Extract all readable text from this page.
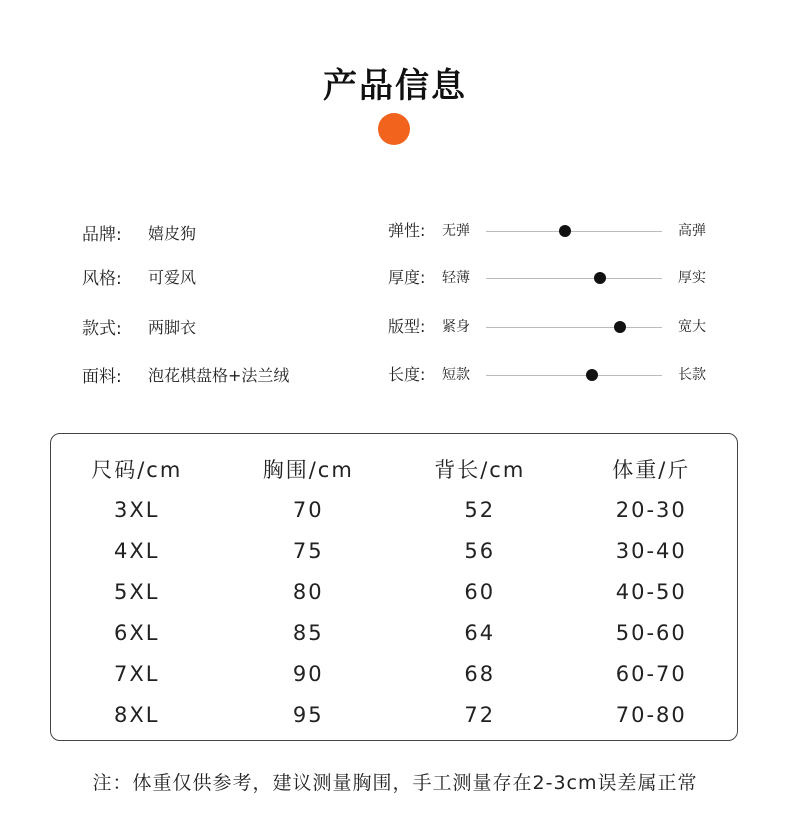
产品信息
品牌:	嬉皮狗
风格:	可爱风
款式:	两脚衣
面料:	泡花棋盘格+法兰绒
弹性: 无弹	高弹
厚度: 轻薄	厚实
版型: 紧身	宽大
长度: 短款	长款
尺码/cm	胸围/cm	背长/cm	体重/斤
3XL	70	52	20-30
4XL	75	56	30-40
5XL	80	60	40-50
6XL	85	64	50-60
7XL	90	68	60-70
8XL	95	72	70-80
注：体重仅供参考，建议测量胸围，手工测量存在2-3cm误差属正常
